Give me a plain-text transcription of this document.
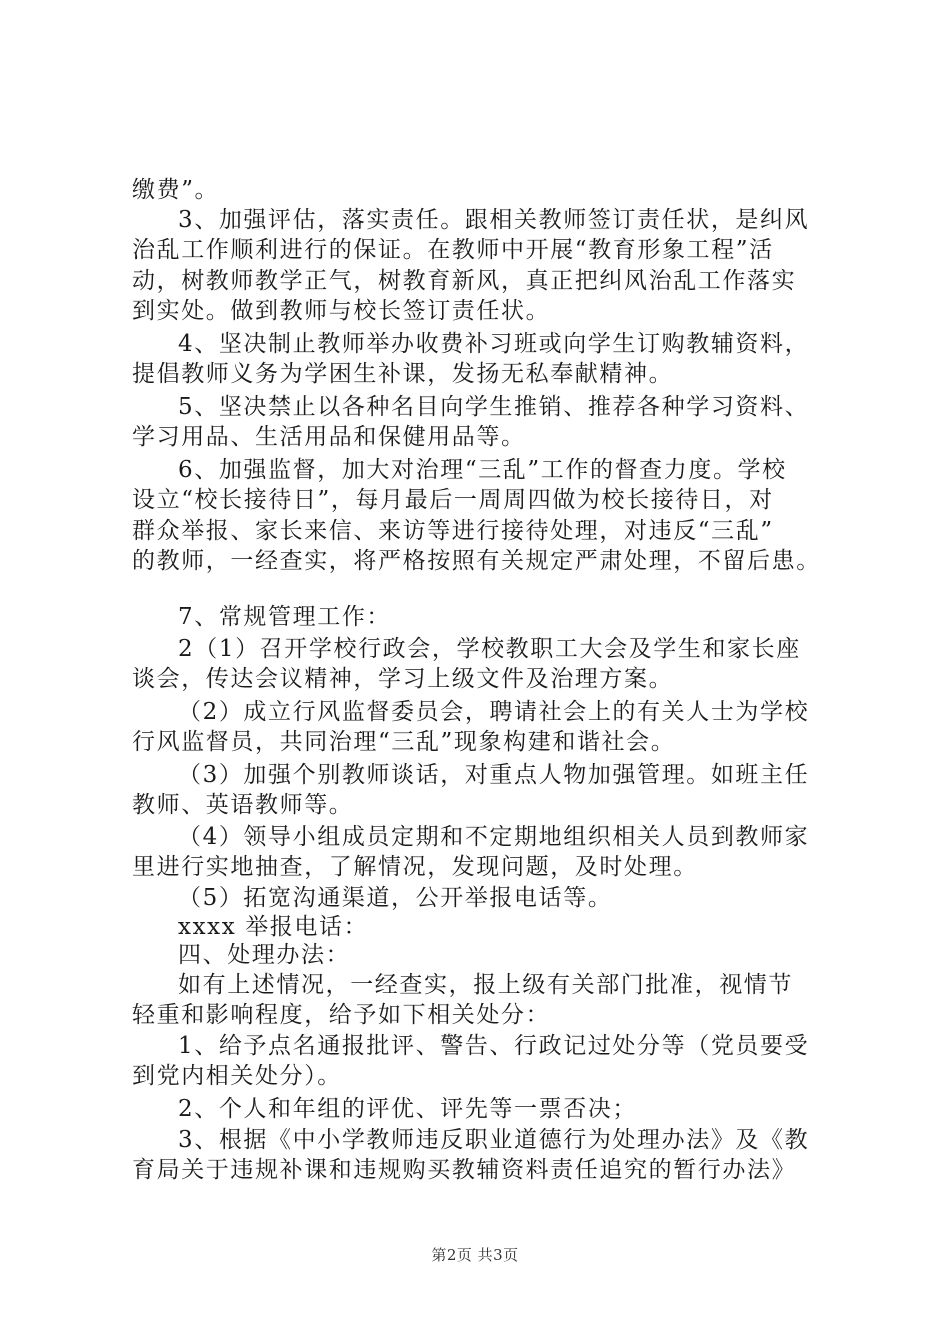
缴费”。
3、加强评估，落实责任。跟相关教师签订责任状，是纠风
治乱工作顺利进行的保证。在教师中开展“教育形象工程”活
动，树教师教学正气，树教育新风，真正把纠风治乱工作落实
到实处。做到教师与校长签订责任状。
4、坚决制止教师举办收费补习班或向学生订购教辅资料，
提倡教师义务为学困生补课，发扬无私奉献精神。
5、坚决禁止以各种名目向学生推销、推荐各种学习资料、
学习用品、生活用品和保健用品等。
6、加强监督，加大对治理“三乱”工作的督查力度。学校
设立“校长接待日”，每月最后一周周四做为校长接待日，对
群众举报、家长来信、来访等进行接待处理，对违反“三乱”
的教师，一经查实，将严格按照有关规定严肃处理，不留后患。
7、常规管理工作：
2（1）召开学校行政会，学校教职工大会及学生和家长座
谈会，传达会议精神，学习上级文件及治理方案。
（2）成立行风监督委员会，聘请社会上的有关人士为学校
行风监督员，共同治理“三乱”现象构建和谐社会。
（3）加强个别教师谈话，对重点人物加强管理。如班主任
教师、英语教师等。
（4）领导小组成员定期和不定期地组织相关人员到教师家
里进行实地抽查，了解情况，发现问题，及时处理。
（5）拓宽沟通渠道，公开举报电话等。
xxxx 举报电话：
四、处理办法：
如有上述情况，一经查实，报上级有关部门批准，视情节
轻重和影响程度，给予如下相关处分：
1、给予点名通报批评、警告、行政记过处分等（党员要受
到党内相关处分）。
2、个人和年组的评优、评先等一票否决；
3、根据《中小学教师违反职业道德行为处理办法》及《教
育局关于违规补课和违规购买教辅资料责任追究的暂行办法》
第2页 共3页
